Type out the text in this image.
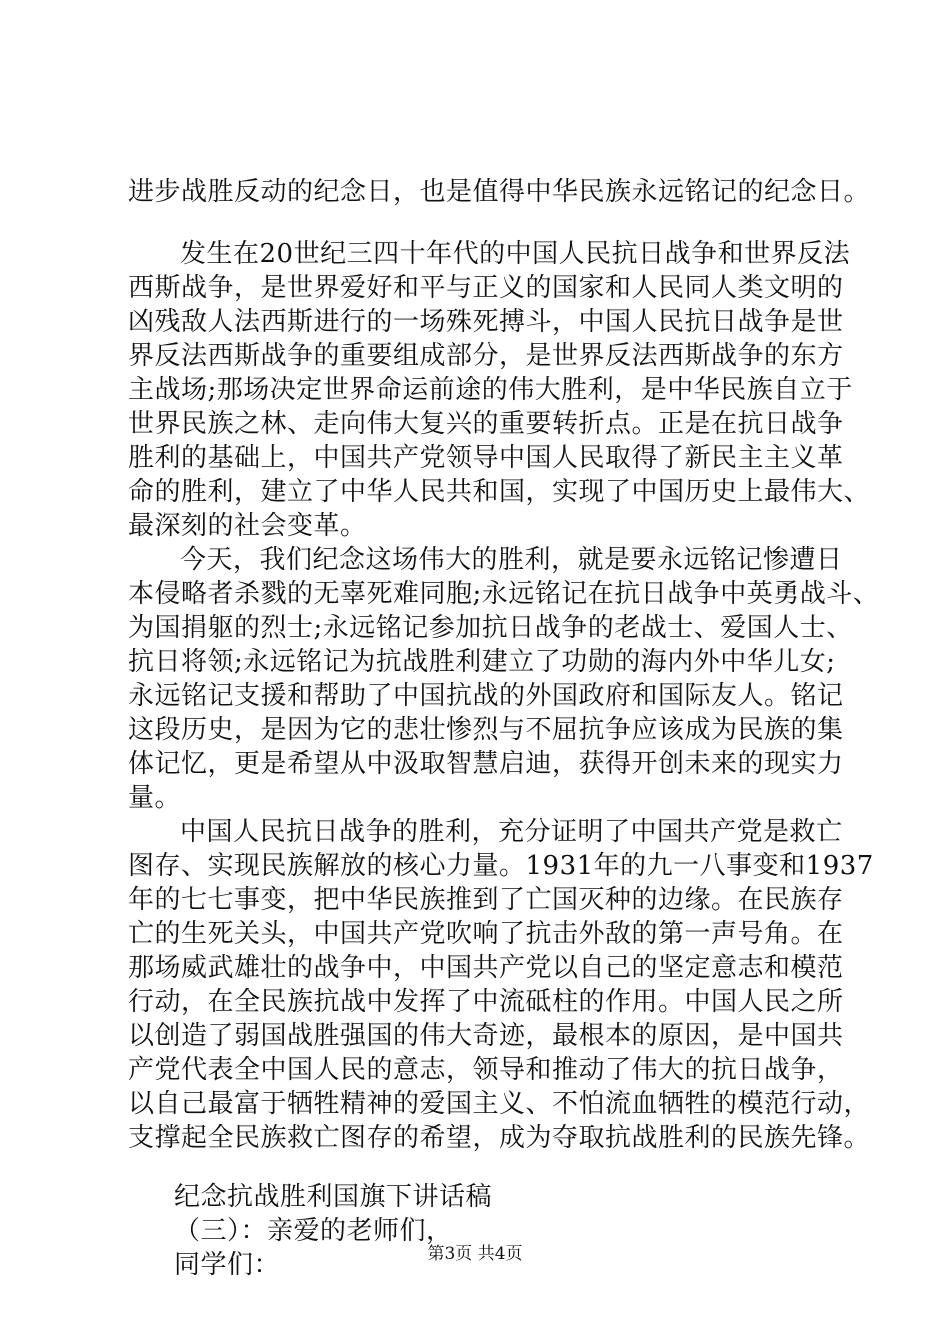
进步战胜反动的纪念日，也是值得中华民族永远铭记的纪念日。
发生在20世纪三四十年代的中国人民抗日战争和世界反法
西斯战争，是世界爱好和平与正义的国家和人民同人类文明的
凶残敌人法西斯进行的一场殊死搏斗，中国人民抗日战争是世
界反法西斯战争的重要组成部分，是世界反法西斯战争的东方
主战场;那场决定世界命运前途的伟大胜利，是中华民族自立于
世界民族之林、走向伟大复兴的重要转折点。正是在抗日战争
胜利的基础上，中国共产党领导中国人民取得了新民主主义革
命的胜利，建立了中华人民共和国，实现了中国历史上最伟大、
最深刻的社会变革。
今天，我们纪念这场伟大的胜利，就是要永远铭记惨遭日
本侵略者杀戮的无辜死难同胞;永远铭记在抗日战争中英勇战斗、
为国捐躯的烈士;永远铭记参加抗日战争的老战士、爱国人士、
抗日将领;永远铭记为抗战胜利建立了功勋的海内外中华儿女;
永远铭记支援和帮助了中国抗战的外国政府和国际友人。铭记
这段历史，是因为它的悲壮惨烈与不屈抗争应该成为民族的集
体记忆，更是希望从中汲取智慧启迪，获得开创未来的现实力
量。
中国人民抗日战争的胜利，充分证明了中国共产党是救亡
图存、实现民族解放的核心力量。1931年的九一八事变和1937
年的七七事变，把中华民族推到了亡国灭种的边缘。在民族存
亡的生死关头，中国共产党吹响了抗击外敌的第一声号角。在
那场威武雄壮的战争中，中国共产党以自己的坚定意志和模范
行动，在全民族抗战中发挥了中流砥柱的作用。中国人民之所
以创造了弱国战胜强国的伟大奇迹，最根本的原因，是中国共
产党代表全中国人民的意志，领导和推动了伟大的抗日战争，
以自己最富于牺牲精神的爱国主义、不怕流血牺牲的模范行动，
支撑起全民族救亡图存的希望，成为夺取抗战胜利的民族先锋。
纪念抗战胜利国旗下讲话稿
（三）：亲爱的老师们，
同学们：	第3页 共4页
